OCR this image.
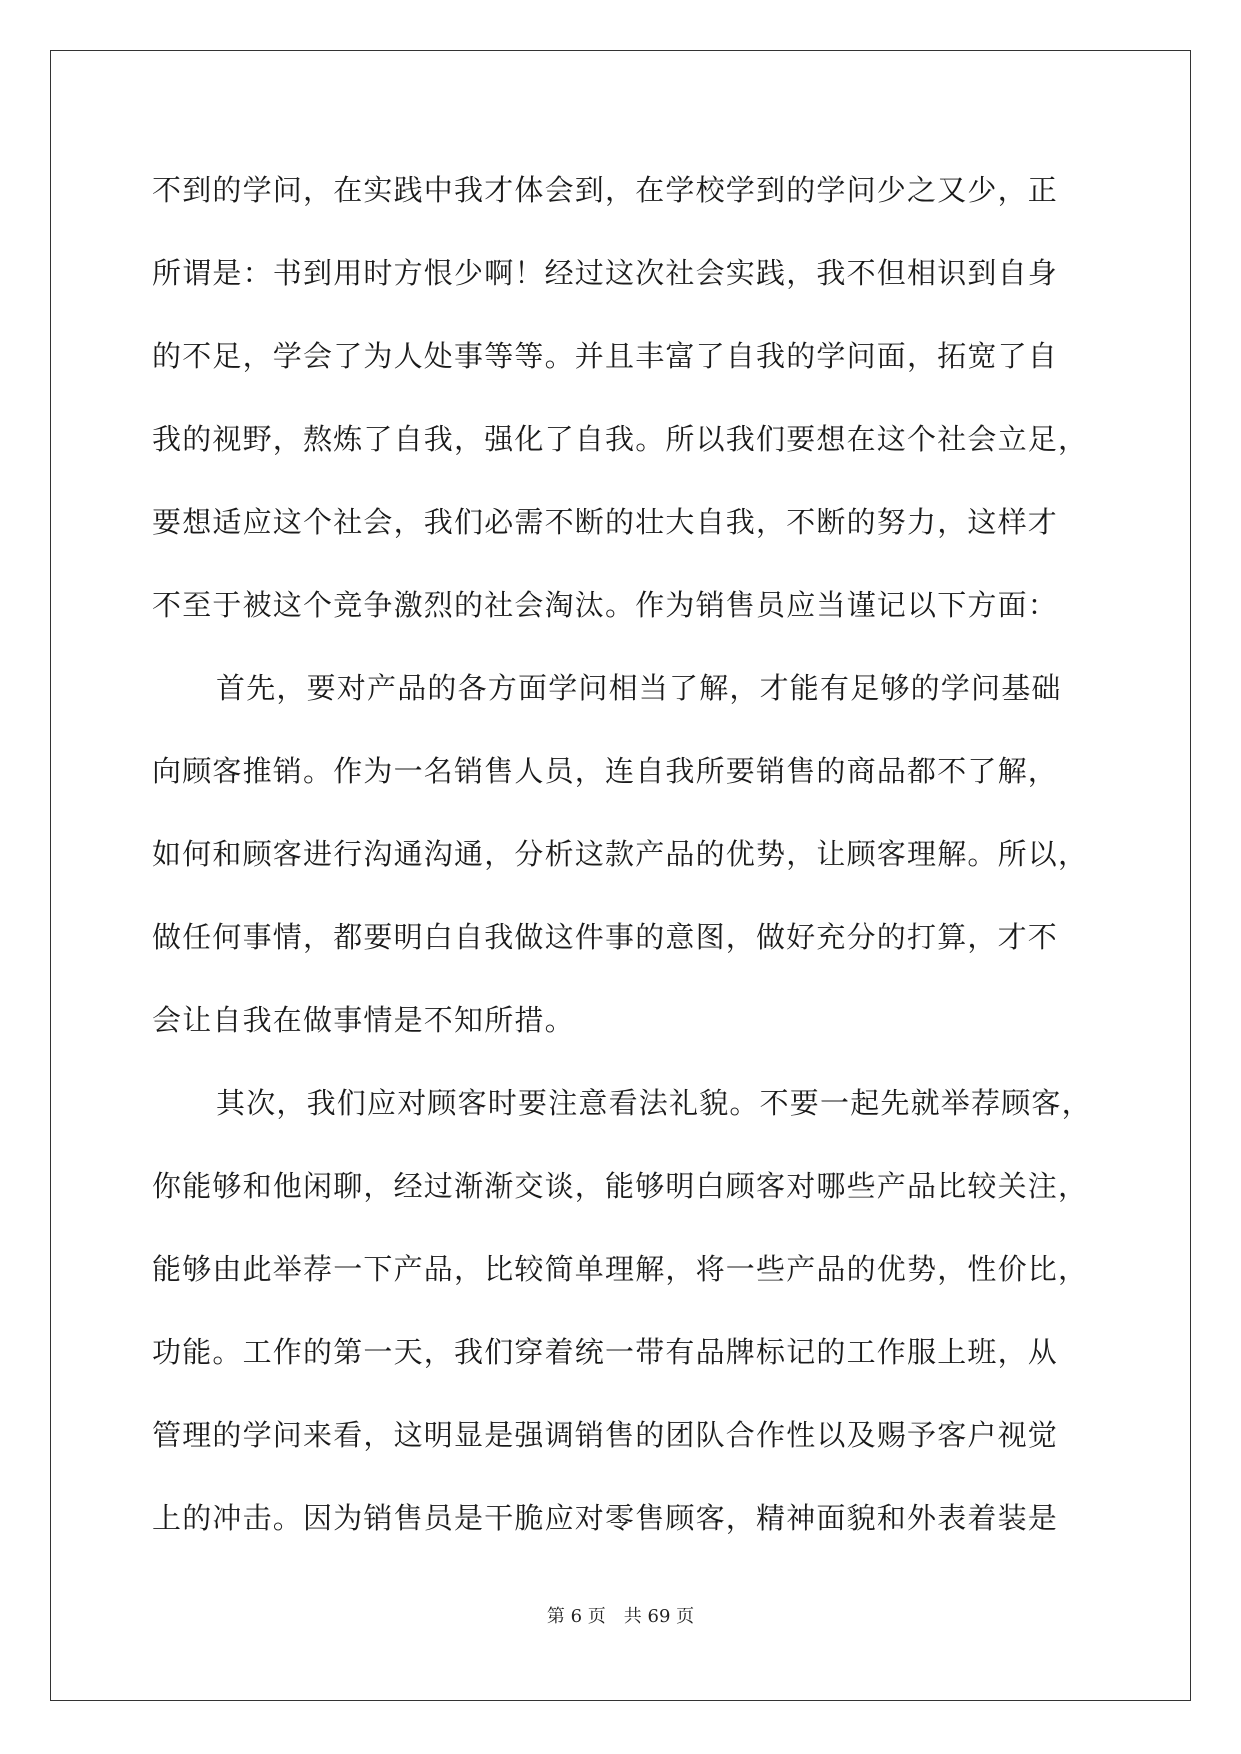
不到的学问，在实践中我才体会到，在学校学到的学问少之又少，正
所谓是：书到用时方恨少啊！经过这次社会实践，我不但相识到自身
的不足，学会了为人处事等等。并且丰富了自我的学问面，拓宽了自
我的视野，熬炼了自我，强化了自我。所以我们要想在这个社会立足，
要想适应这个社会，我们必需不断的壮大自我，不断的努力，这样才
不至于被这个竞争激烈的社会淘汰。作为销售员应当谨记以下方面：
首先，要对产品的各方面学问相当了解，才能有足够的学问基础
向顾客推销。作为一名销售人员，连自我所要销售的商品都不了解，
如何和顾客进行沟通沟通，分析这款产品的优势，让顾客理解。所以，
做任何事情，都要明白自我做这件事的意图，做好充分的打算，才不
会让自我在做事情是不知所措。
其次，我们应对顾客时要注意看法礼貌。不要一起先就举荐顾客，
你能够和他闲聊，经过渐渐交谈，能够明白顾客对哪些产品比较关注，
能够由此举荐一下产品，比较简单理解，将一些产品的优势，性价比，
功能。工作的第一天，我们穿着统一带有品牌标记的工作服上班，从
管理的学问来看，这明显是强调销售的团队合作性以及赐予客户视觉
上的冲击。因为销售员是干脆应对零售顾客，精神面貌和外表着装是
第 6 页 共 69 页
